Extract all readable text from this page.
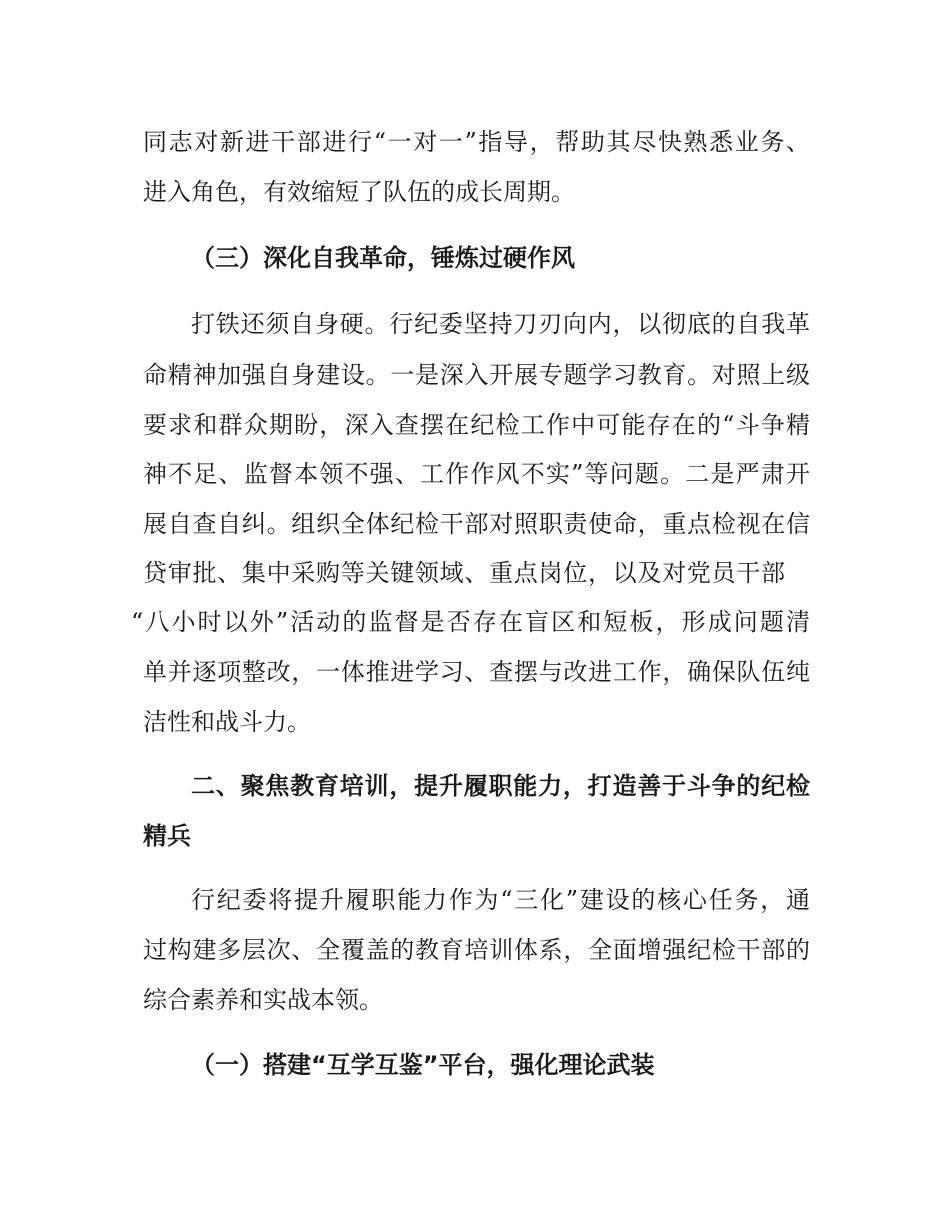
同志对新进干部进行“一对一”指导，帮助其尽快熟悉业务、
进入角色，有效缩短了队伍的成长周期。
（三）深化自我革命，锤炼过硬作风
打铁还须自身硬。行纪委坚持刀刃向内，以彻底的自我革
命精神加强自身建设。一是深入开展专题学习教育。对照上级
要求和群众期盼，深入查摆在纪检工作中可能存在的“斗争精
神不足、监督本领不强、工作作风不实”等问题。二是严肃开
展自查自纠。组织全体纪检干部对照职责使命，重点检视在信
贷审批、集中采购等关键领域、重点岗位，以及对党员干部
“八小时以外”活动的监督是否存在盲区和短板，形成问题清
单并逐项整改，一体推进学习、查摆与改进工作，确保队伍纯
洁性和战斗力。
二、聚焦教育培训，提升履职能力，打造善于斗争的纪检
精兵
行纪委将提升履职能力作为“三化”建设的核心任务，通
过构建多层次、全覆盖的教育培训体系，全面增强纪检干部的
综合素养和实战本领。
（一）搭建“互学互鉴”平台，强化理论武装
